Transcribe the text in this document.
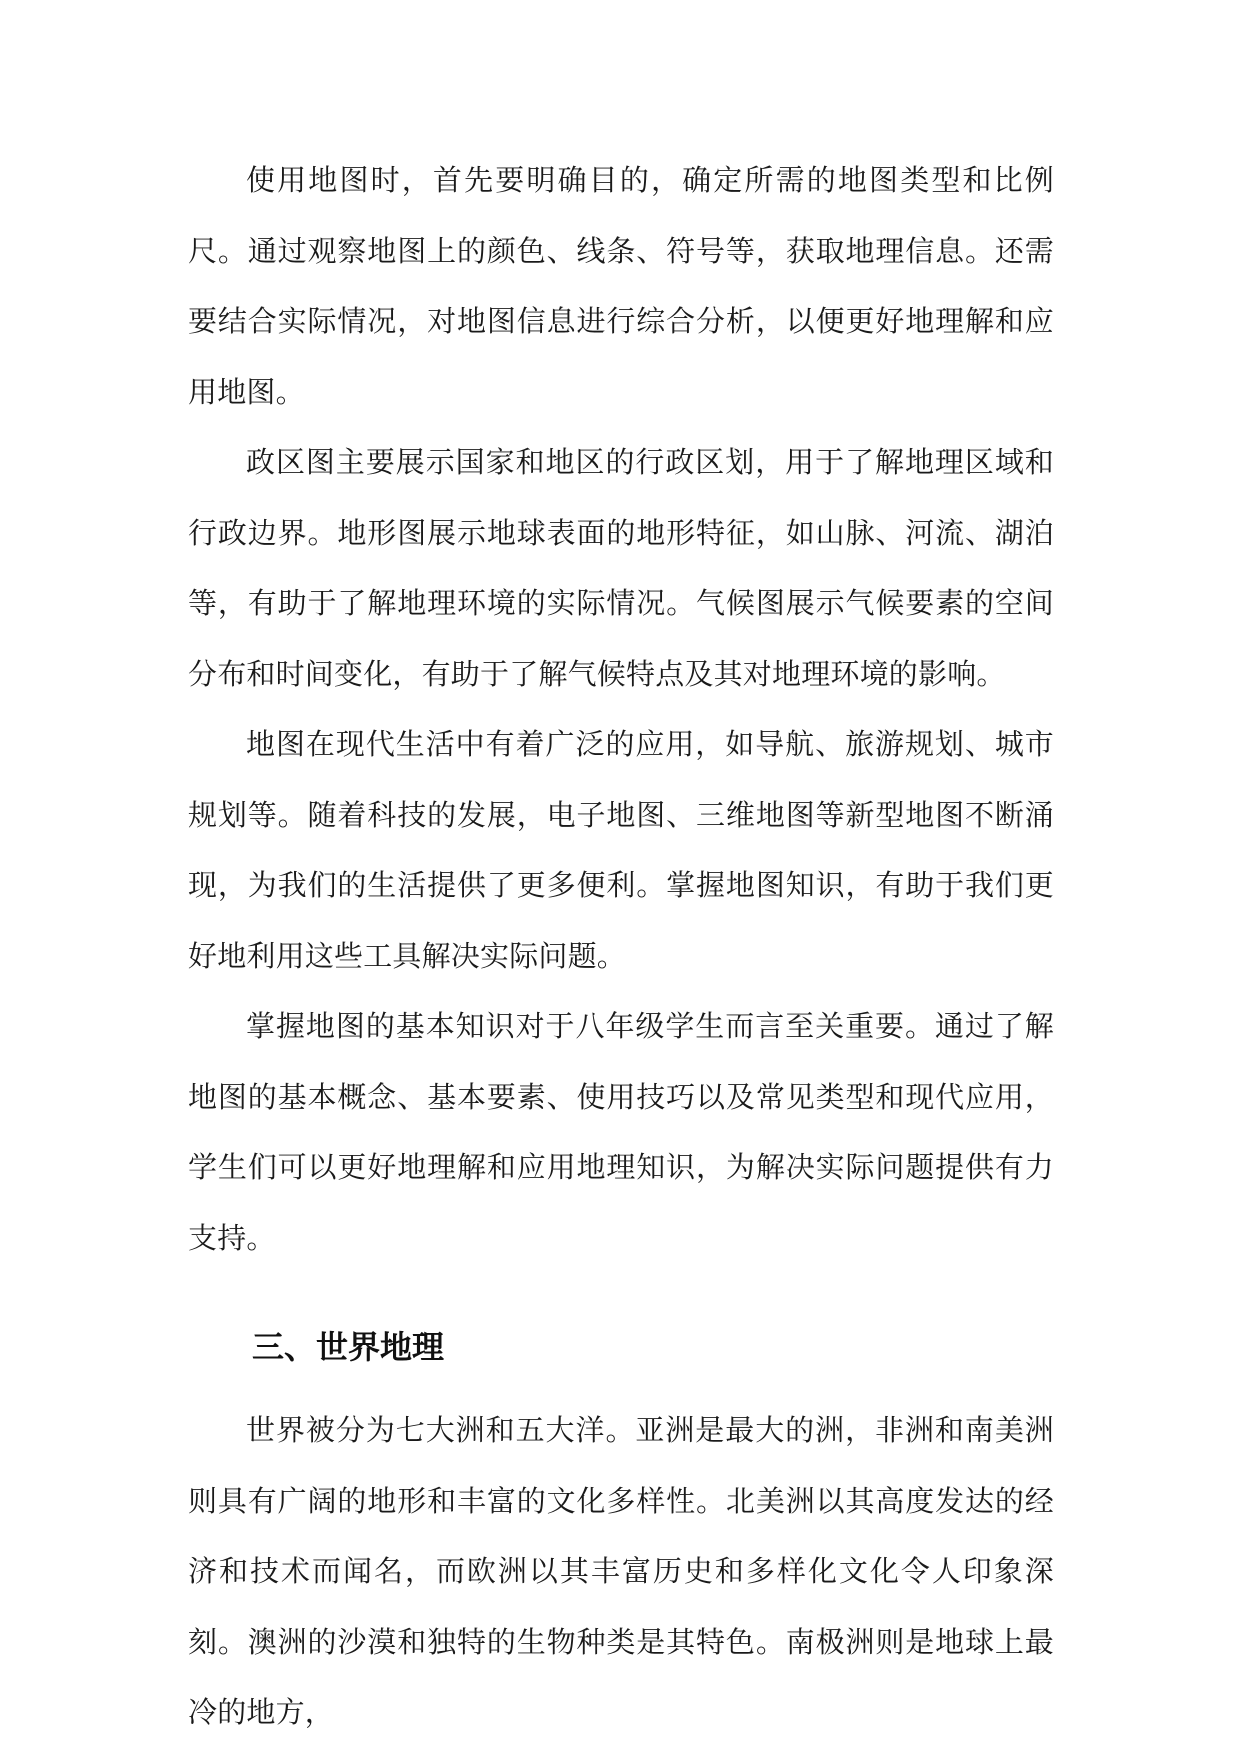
使用地图时，首先要明确目的，确定所需的地图类型和比例尺。通过观察地图上的颜色、线条、符号等，获取地理信息。还需要结合实际情况，对地图信息进行综合分析，以便更好地理解和应用地图。

政区图主要展示国家和地区的行政区划，用于了解地理区域和行政边界。地形图展示地球表面的地形特征，如山脉、河流、湖泊等，有助于了解地理环境的实际情况。气候图展示气候要素的空间分布和时间变化，有助于了解气候特点及其对地理环境的影响。

地图在现代生活中有着广泛的应用，如导航、旅游规划、城市规划等。随着科技的发展，电子地图、三维地图等新型地图不断涌现，为我们的生活提供了更多便利。掌握地图知识，有助于我们更好地利用这些工具解决实际问题。

掌握地图的基本知识对于八年级学生而言至关重要。通过了解地图的基本概念、基本要素、使用技巧以及常见类型和现代应用，学生们可以更好地理解和应用地理知识，为解决实际问题提供有力支持。

三、世界地理

世界被分为七大洲和五大洋。亚洲是最大的洲，非洲和南美洲则具有广阔的地形和丰富的文化多样性。北美洲以其高度发达的经济和技术而闻名，而欧洲以其丰富历史和多样化文化令人印象深刻。澳洲的沙漠和独特的生物种类是其特色。南极洲则是地球上最冷的地方，
